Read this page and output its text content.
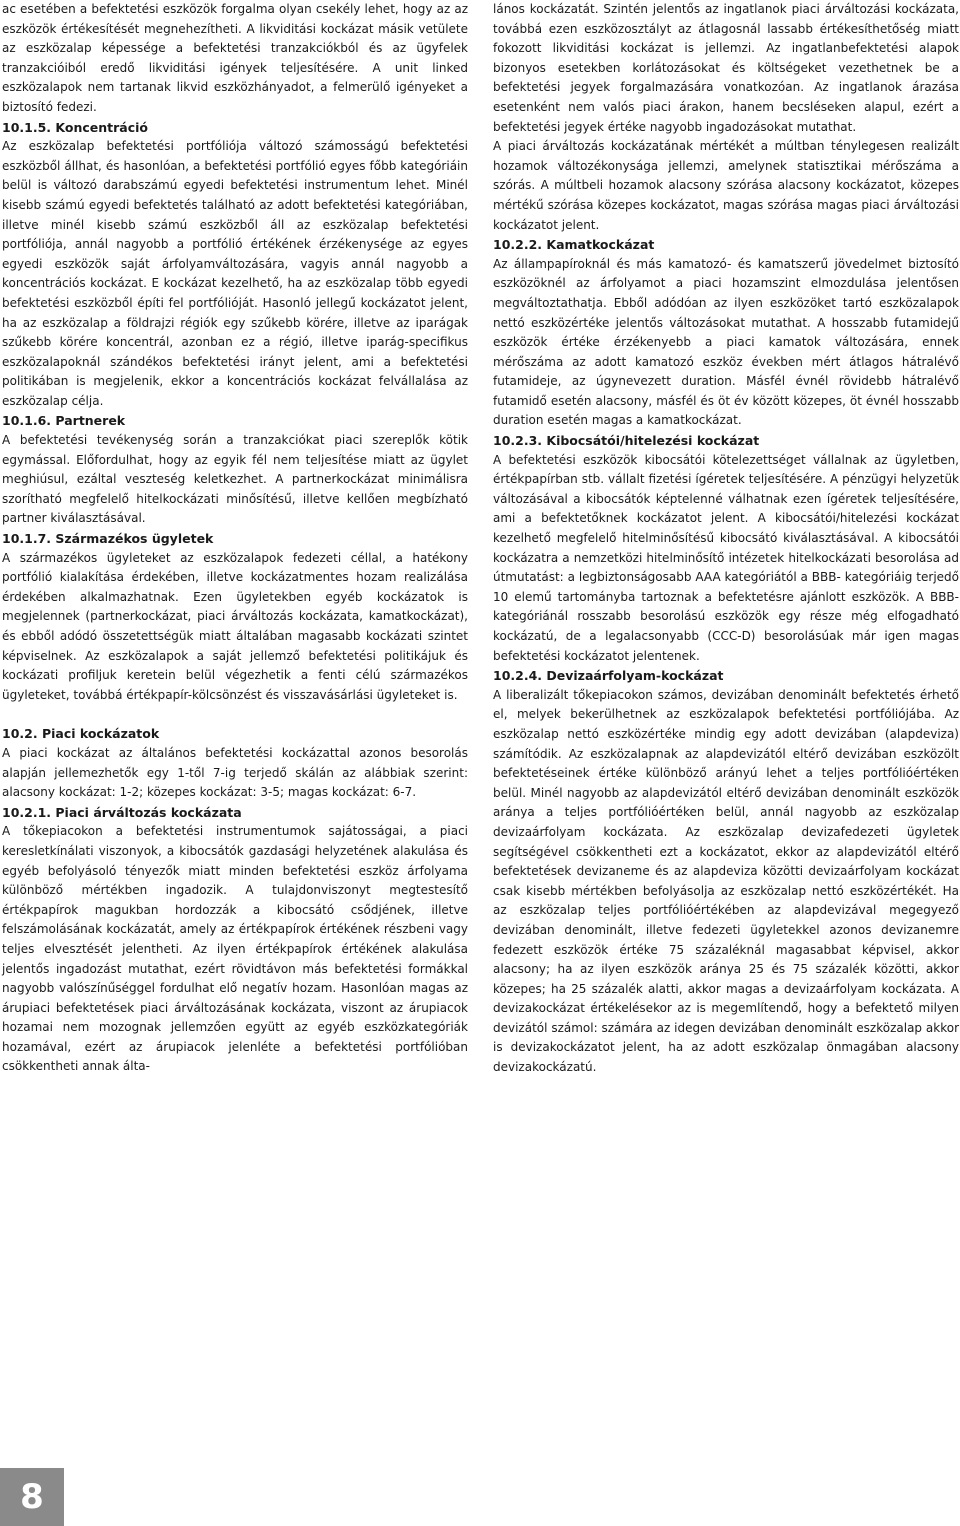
ac esetében a befektetési eszközök forgalma olyan csekély lehet, hogy az az eszközök értékesítését megnehezítheti. A likviditási kockázat másik vetülete az eszközalap képessége a befektetési tranzakciókból és az ügyfelek tranzakcióiból eredő likviditási igények teljesítésére. A unit linked eszközalapok nem tartanak likvid eszközhányadot, a felmerülő igényeket a biztosító fedezi.

10.1.5. Koncentráció

Az eszközalap befektetési portfóliója változó számosságú befektetési eszközből állhat, és hasonlóan, a befektetési portfólió egyes főbb kategóriáin belül is változó darabszámú egyedi befektetési instrumentum lehet. Minél kisebb számú egyedi befektetés található az adott befektetési kategóriában, illetve minél kisebb számú eszközből áll az eszközalap befektetési portfóliója, annál nagyobb a portfólió értékének érzékenysége az egyes egyedi eszközök saját árfolyamváltozására, vagyis annál nagyobb a koncentrációs kockázat. E kockázat kezelhető, ha az eszközalap több egyedi befektetési eszközből építi fel portfólióját. Hasonló jellegű kockázatot jelent, ha az eszközalap a földrajzi régiók egy szűkebb körére, illetve az iparágak szűkebb körére koncentrál, azonban ez a régió, illetve iparág-specifikus eszközalapoknál szándékos befektetési irányt jelent, ami a befektetési politikában is megjelenik, ekkor a koncentrációs kockázat felvállalása az eszközalap célja.

10.1.6. Partnerek

A befektetési tevékenység során a tranzakciókat piaci szereplők kötik egymással. Előfordulhat, hogy az egyik fél nem teljesítése miatt az ügylet meghiúsul, ezáltal veszteség keletkezhet. A partnerkockázat minimálisra szorítható megfelelő hitelkockázati minősítésű, illetve kellően megbízható partner kiválasztásával.

10.1.7. Származékos ügyletek

A származékos ügyleteket az eszközalapok fedezeti céllal, a hatékony portfólió kialakítása érdekében, illetve kockázatmentes hozam realizálása érdekében alkalmazhatnak. Ezen ügyletekben egyéb kockázatok is megjelennek (partnerkockázat, piaci árváltozás kockázata, kamatkockázat), és ebből adódó összetettségük miatt általában magasabb kockázati szintet képviselnek. Az eszközalapok a saját jellemző befektetési politikájuk és kockázati profiljuk keretein belül végezhetik a fenti célú származékos ügyleteket, továbbá értékpapír-kölcsönzést és visszavásárlási ügyleteket is.

10.2. Piaci kockázatok

A piaci kockázat az általános befektetési kockázattal azonos besorolás alapján jellemezhetők egy 1-től 7-ig terjedő skálán az alábbiak szerint: alacsony kockázat: 1-2; közepes kockázat: 3-5; magas kockázat: 6-7.

10.2.1. Piaci árváltozás kockázata

A tőkepiacokon a befektetési instrumentumok sajátosságai, a piaci keresletkínálati viszonyok, a kibocsátók gazdasági helyzetének alakulása és egyéb befolyásoló tényezők miatt minden befektetési eszköz árfolyama különböző mértékben ingadozik. A tulajdonviszonyt megtestesítő értékpapírok magukban hordozzák a kibocsátó csődjének, illetve felszámolásának kockázatát, amely az értékpapírok értékének részbeni vagy teljes elvesztését jelentheti. Az ilyen értékpapírok értékének alakulása jelentős ingadozást mutathat, ezért rövidtávon más befektetési formákkal nagyobb valószínűséggel fordulhat elő negatív hozam. Hasonlóan magas az árupiaci befektetések piaci árváltozásának kockázata, viszont az árupiacok hozamai nem mozognak jellemzően együtt az egyéb eszközkategóriák hozamával, ezért az árupiacok jelenléte a befektetési portfólióban csökkentheti annak álta-

lános kockázatát. Szintén jelentős az ingatlanok piaci árváltozási kockázata, továbbá ezen eszközosztályt az átlagosnál lassabb értékesíthetőség miatt fokozott likviditási kockázat is jellemzi. Az ingatlanbefektetési alapok bizonyos esetekben korlátozásokat és költségeket vezethetnek be a befektetési jegyek forgalmazására vonatkozóan. Az ingatlanok árazása esetenként nem valós piaci árakon, hanem becsléseken alapul, ezért a befektetési jegyek értéke nagyobb ingadozásokat mutathat.

A piaci árváltozás kockázatának mértékét a múltban ténylegesen realizált hozamok változékonysága jellemzi, amelynek statisztikai mérőszáma a szórás. A múltbeli hozamok alacsony szórása alacsony kockázatot, közepes mértékű szórása közepes kockázatot, magas szórása magas piaci árváltozási kockázatot jelent.

10.2.2. Kamatkockázat

Az állampapíroknál és más kamatozó- és kamatszerű jövedelmet biztosító eszközöknél az árfolyamot a piaci hozamszint elmozdulása jelentősen megváltoztathatja. Ebből adódóan az ilyen eszközöket tartó eszközalapok nettó eszközértéke jelentős változásokat mutathat. A hosszabb futamidejű eszközök értéke érzékenyebb a piaci kamatok változására, ennek mérőszáma az adott kamatozó eszköz években mért átlagos hátralévő futamideje, az úgynevezett duration. Másfél évnél rövidebb hátralévő futamidő esetén alacsony, másfél és öt év között közepes, öt évnél hosszabb duration esetén magas a kamatkockázat.

10.2.3. Kibocsátói/hitelezési kockázat

A befektetési eszközök kibocsátói kötelezettséget vállalnak az ügyletben, értékpapírban stb. vállalt fizetési ígéretek teljesítésére. A pénzügyi helyzetük változásával a kibocsátók képtelenné válhatnak ezen ígéretek teljesítésére, ami a befektetőknek kockázatot jelent. A kibocsátói/hitelezési kockázat kezelhető megfelelő hitelminősítésű kibocsátó kiválasztásával. A kibocsátói kockázatra a nemzetközi hitelminősítő intézetek hitelkockázati besorolása ad útmutatást: a legbiztonságosabb AAA kategóriától a BBB- kategóriáig terjedő 10 elemű tartományba tartoznak a befektetésre ajánlott eszközök. A BBB- kategóriánál rosszabb besorolású eszközök egy része még elfogadható kockázatú, de a legalacsonyabb (CCC-D) besorolásúak már igen magas befektetési kockázatot jelentenek.

10.2.4. Devizaárfolyam-kockázat

A liberalizált tőkepiacokon számos, devizában denominált befektetés érhető el, melyek bekerülhetnek az eszközalapok befektetési portfóliójába. Az eszközalap nettó eszközértéke mindig egy adott devizában (alapdeviza) számítódik. Az eszközalapnak az alapdevizától eltérő devizában eszközölt befektetéseinek értéke különböző arányú lehet a teljes portfólióértéken belül. Minél nagyobb az alapdevizától eltérő devizában denominált eszközök aránya a teljes portfólióértéken belül, annál nagyobb az eszközalap devizaárfolyam kockázata. Az eszközalap devizafedezeti ügyletek segítségével csökkentheti ezt a kockázatot, ekkor az alapdevizától eltérő befektetések devizaneme és az alapdeviza közötti devizaárfolyam kockázat csak kisebb mértékben befolyásolja az eszközalap nettó eszközértékét. Ha az eszközalap teljes portfólióértékében az alapdevizával megegyező devizában denominált, illetve fedezeti ügyletekkel azonos devizanemre fedezett eszközök értéke 75 százaléknál magasabbat képvisel, akkor alacsony; ha az ilyen eszközök aránya 25 és 75 százalék közötti, akkor közepes; ha 25 százalék alatti, akkor magas a devizaárfolyam kockázata. A devizakockázat értékelésekor az is megemlítendő, hogy a befektető milyen devizától számol: számára az idegen devizában denominált eszközalap akkor is devizakockázatot jelent, ha az adott eszközalap önmagában alacsony devizakockázatú.

8
